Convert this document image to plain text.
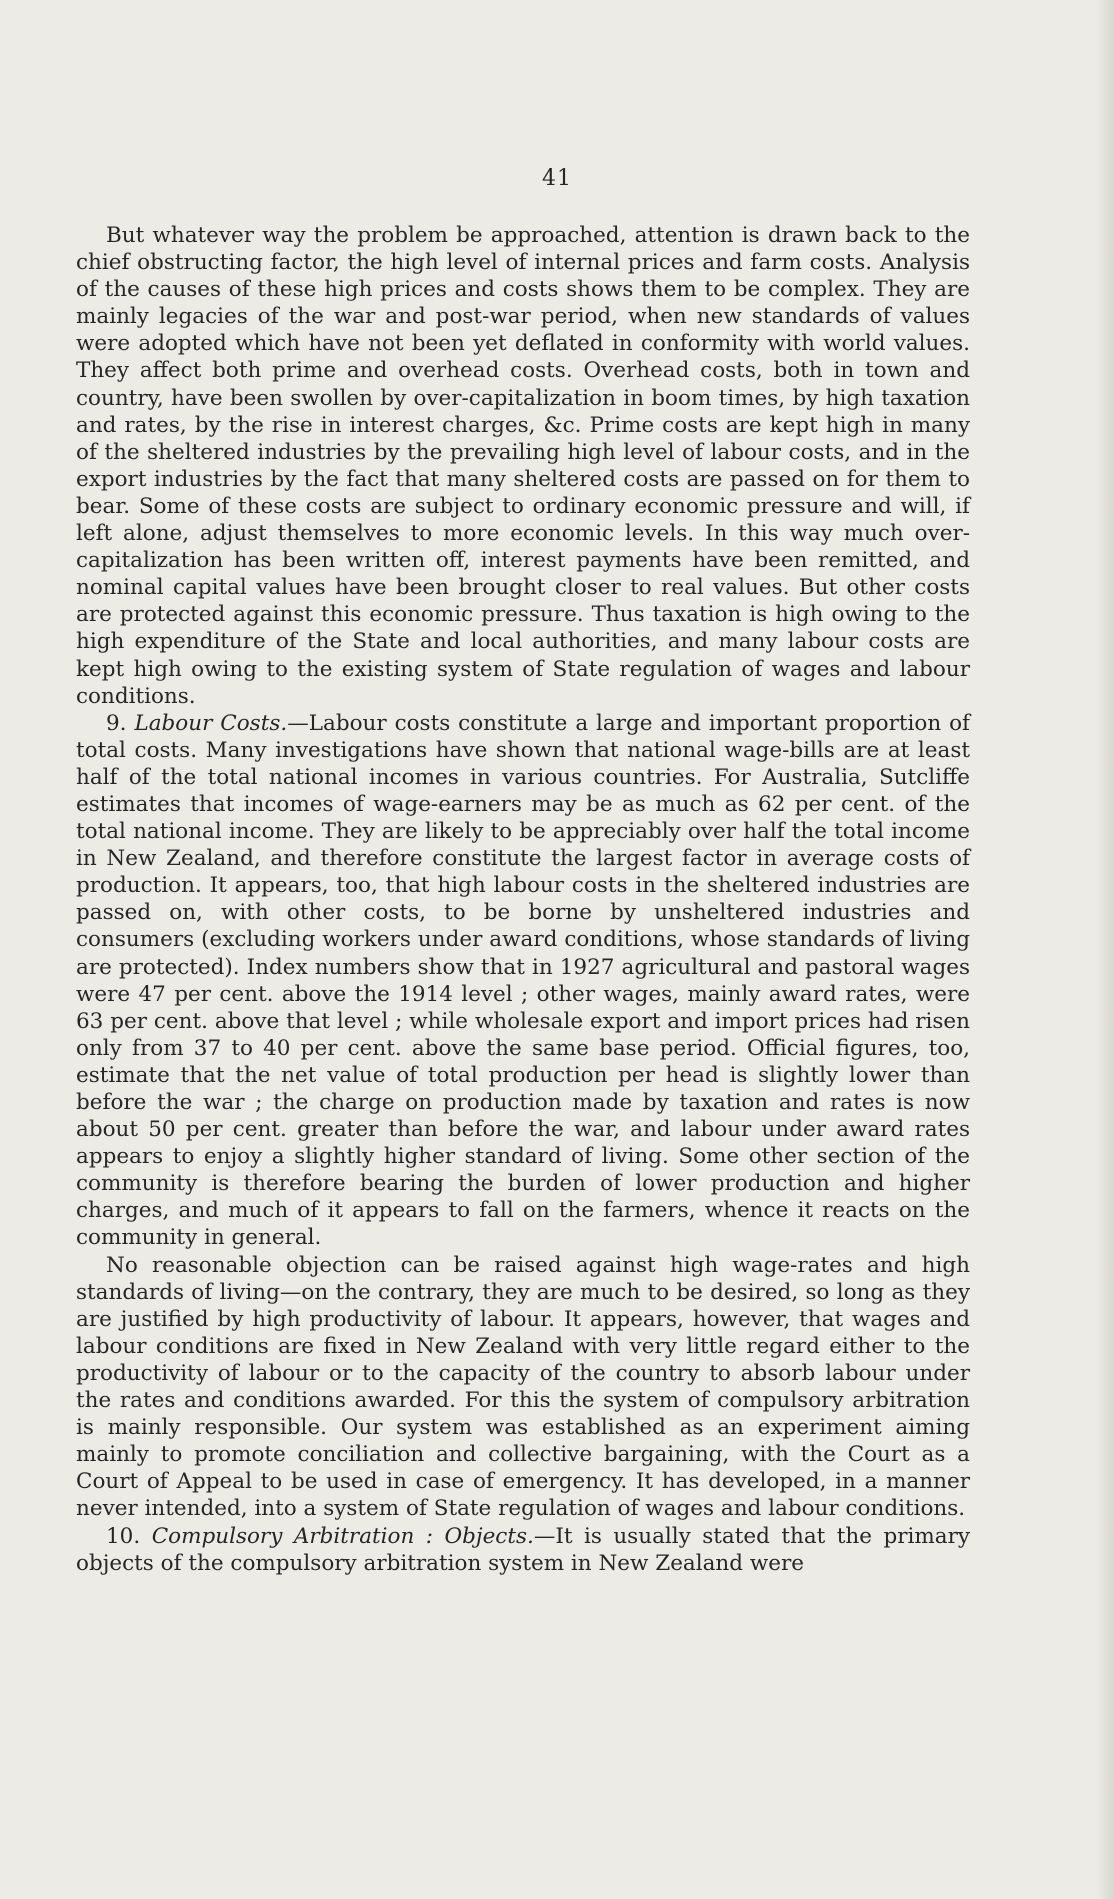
41

But whatever way the problem be approached, attention is drawn back to the chief obstructing factor, the high level of internal prices and farm costs. Analysis of the causes of these high prices and costs shows them to be complex. They are mainly legacies of the war and post-war period, when new standards of values were adopted which have not been yet deflated in conformity with world values. They affect both prime and overhead costs. Overhead costs, both in town and country, have been swollen by over-capitalization in boom times, by high taxation and rates, by the rise in interest charges, &c. Prime costs are kept high in many of the sheltered industries by the prevailing high level of labour costs, and in the export industries by the fact that many sheltered costs are passed on for them to bear. Some of these costs are subject to ordinary economic pressure and will, if left alone, adjust themselves to more economic levels. In this way much over-capitalization has been written off, interest payments have been remitted, and nominal capital values have been brought closer to real values. But other costs are protected against this economic pressure. Thus taxation is high owing to the high expenditure of the State and local authorities, and many labour costs are kept high owing to the existing system of State regulation of wages and labour conditions.

9. Labour Costs.—Labour costs constitute a large and important proportion of total costs. Many investigations have shown that national wage-bills are at least half of the total national incomes in various countries. For Australia, Sutcliffe estimates that incomes of wage-earners may be as much as 62 per cent. of the total national income. They are likely to be appreciably over half the total income in New Zealand, and therefore constitute the largest factor in average costs of production. It appears, too, that high labour costs in the sheltered industries are passed on, with other costs, to be borne by unsheltered industries and consumers (excluding workers under award conditions, whose standards of living are protected). Index numbers show that in 1927 agricultural and pastoral wages were 47 per cent. above the 1914 level ; other wages, mainly award rates, were 63 per cent. above that level ; while wholesale export and import prices had risen only from 37 to 40 per cent. above the same base period. Official figures, too, estimate that the net value of total production per head is slightly lower than before the war ; the charge on production made by taxation and rates is now about 50 per cent. greater than before the war, and labour under award rates appears to enjoy a slightly higher standard of living. Some other section of the community is therefore bearing the burden of lower production and higher charges, and much of it appears to fall on the farmers, whence it reacts on the community in general.

No reasonable objection can be raised against high wage-rates and high standards of living—on the contrary, they are much to be desired, so long as they are justified by high productivity of labour. It appears, however, that wages and labour conditions are fixed in New Zealand with very little regard either to the productivity of labour or to the capacity of the country to absorb labour under the rates and conditions awarded. For this the system of compulsory arbitration is mainly responsible. Our system was established as an experiment aiming mainly to promote conciliation and collective bargaining, with the Court as a Court of Appeal to be used in case of emergency. It has developed, in a manner never intended, into a system of State regulation of wages and labour conditions.

10. Compulsory Arbitration : Objects.—It is usually stated that the primary objects of the compulsory arbitration system in New Zealand were
